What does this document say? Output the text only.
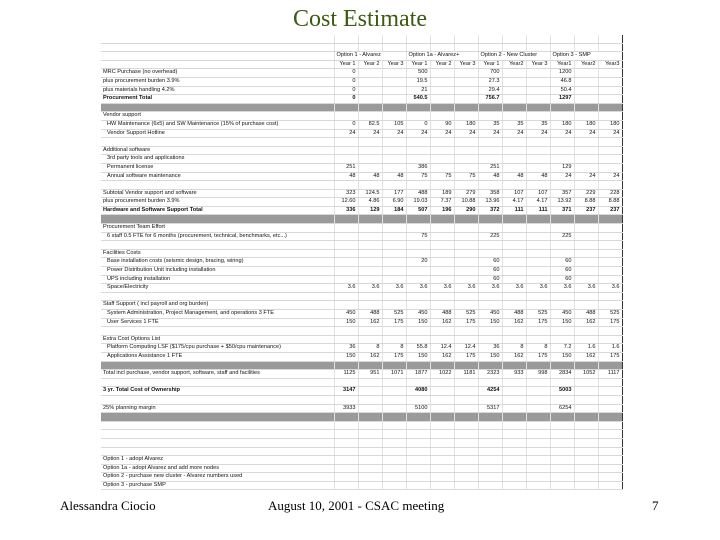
Cost Estimate

	Option 1 - Alvarez			Option 1a - Alvarez+			Option 2 - New Cluster			Option 3 - SMP		
	Year 1	Year 2	Year 3	Year 1	Year 2	Year 3	Year 1	Year2	Year 3	Year1	Year2	Year3
MRC Purchase (no overhead)	0			500			700			1200		
plus procurement burden 3.9%	0			19.5			27.3			46.8		
plus materials handling 4.2%	0			21			29.4			50.4		
Procurement Total	0			540.5			756.7			1297		

Vendor support												
HW Maintenance (6x5) and SW Maintenance (15% of purchase cost)	0	82.5	105	0	90	180	35	35	35	180	180	180
Vendor Support Hotline	24	24	24	24	24	24	24	24	24	24	24	24

Additional software												
3rd party tools and applications												
Permanent license	251			386			251			129		
Annual software maintenance	48	48	48	75	75	75	48	48	48	24	24	24

Subtotal Vendor support and software	323	124.5	177	488	189	279	358	107	107	357	229	228
plus procurement burden 3.9%	12.60	4.86	6.90	19.03	7.37	10.88	13.96	4.17	4.17	13.92	8.88	8.88
Hardware and Software Support Total	336	129	184	507	196	290	372	111	111	371	237	237

Procurement Team Effort												
6 staff 0.5 FTE for 6 months (procurement, technical, benchmarks, etc...)				75			225			225		

Facilities Costs												
Base installation costs (seismic design, bracing, wiring)				20			60			60		
Power Distribution Unit including installation							60			60		
UPS including installation							60			60		
Space/Electricity	3.6	3.6	3.6	3.6	3.6	3.6	3.6	3.6	3.6	3.6	3.6	3.6

Staff Support ( incl payroll and org burden)												
System Administration, Project Management, and operations 3 FTE	450	488	525	450	488	525	450	488	525	450	488	525
User Services 1 FTE	150	162	175	150	162	175	150	162	175	150	162	175

Extra Cost Options List												
Platform Computing LSF ($175/cpu purchase + $50/cpu maintenance)	36	8	8	55.8	12.4	12.4	36	8	8	7.2	1.6	1.6
Applications Assistance 1 FTE	150	162	175	150	162	175	150	162	175	150	162	175

Total incl purchase, vendor support, software, staff and facilities	1125	951	1071	1877	1022	1181	2323	933	998	2834	1052	1117

3 yr. Total Cost of Ownership	3147			4080			4254			5003		

25% planning margin	3933			5100			5317			6254		

Option 1 - adopt Alvarez												
Option 1a - adopt Alvarez and add more nodes												
Option 2 - purchase new cluster - Alvarez numbers used												
Option 3 - purchase SMP												
Alessandra Ciocio	August 10, 2001 - CSAC meeting	7
